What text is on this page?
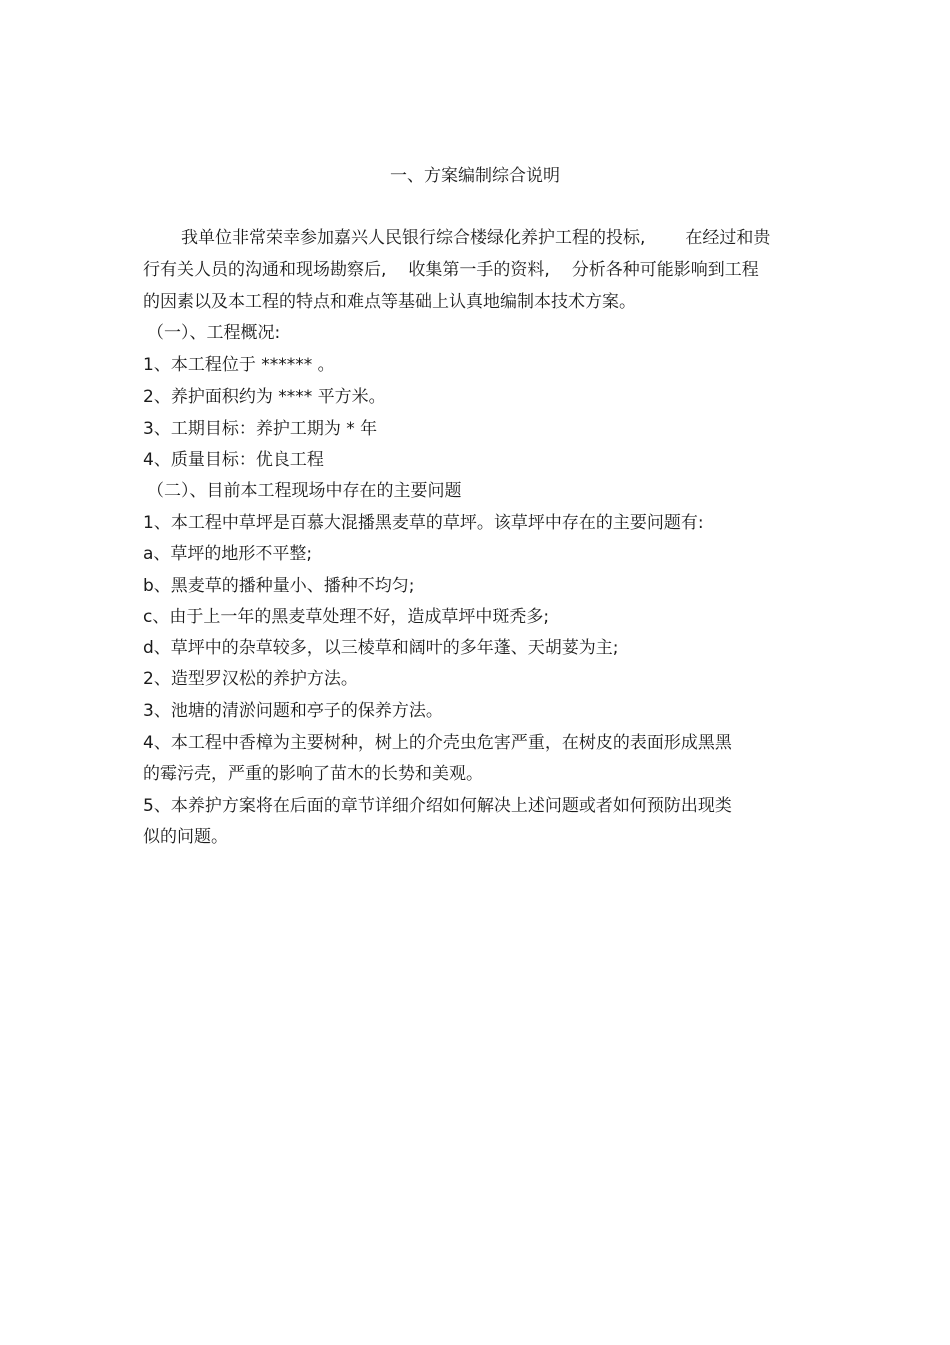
一、方案编制综合说明
我单位非常荣幸参加嘉兴人民银行综合楼绿化养护工程的投标, 在经过和贵
行有关人员的沟通和现场勘察后, 收集第一手的资料, 分析各种可能影响到工程
的因素以及本工程的特点和难点等基础上认真地编制本技术方案。
（一）、工程概况:
1、本工程位于 ****** 。
2、养护面积约为 **** 平方米。
3、工期目标：养护工期为 * 年
4、质量目标：优良工程
（二）、目前本工程现场中存在的主要问题
1、本工程中草坪是百慕大混播黑麦草的草坪。该草坪中存在的主要问题有:
a、草坪的地形不平整;
b、黑麦草的播种量小、播种不均匀;
c、由于上一年的黑麦草处理不好，造成草坪中斑秃多;
d、草坪中的杂草较多，以三棱草和阔叶的多年蓬、天胡荽为主;
2、造型罗汉松的养护方法。
3、池塘的清淤问题和亭子的保养方法。
4、本工程中香樟为主要树种，树上的介壳虫危害严重，在树皮的表面形成黑黑
的霉污壳，严重的影响了苗木的长势和美观。
5、本养护方案将在后面的章节详细介绍如何解决上述问题或者如何预防出现类
似的问题。
